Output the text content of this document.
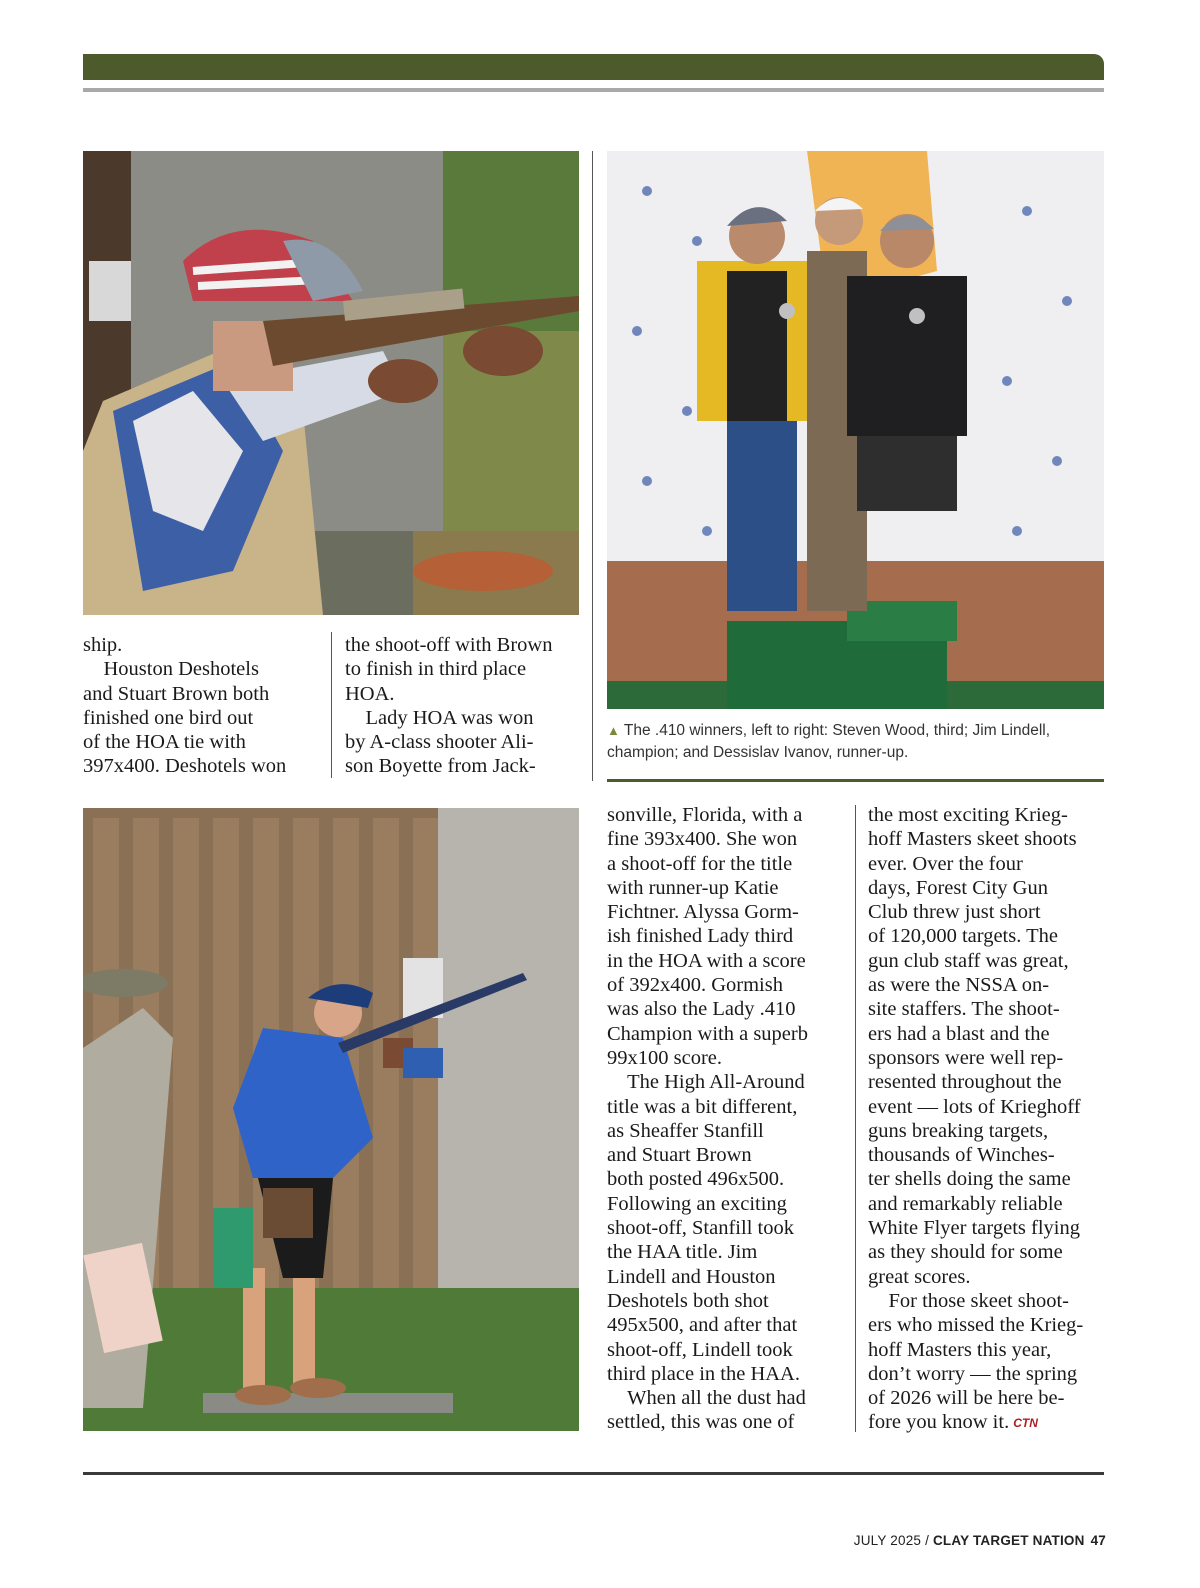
ship.
Houston Deshotels
and Stuart Brown both
finished one bird out
of the HOA tie with
397x400. Deshotels won
the shoot-off with Brown
to finish in third place
HOA.
Lady HOA was won
by A-class shooter Ali-
son Boyette from Jack-
sonville, Florida, with a
fine 393x400. She won
a shoot-off for the title
with runner-up Katie
Fichtner. Alyssa Gorm-
ish finished Lady third
in the HOA with a score
of 392x400. Gormish
was also the Lady .410
Champion with a superb
99x100 score.
The High All-Around
title was a bit different,
as Sheaffer Stanfill
and Stuart Brown
both posted 496x500.
Following an exciting
shoot-off, Stanfill took
the HAA title. Jim
Lindell and Houston
Deshotels both shot
495x500, and after that
shoot-off, Lindell took
third place in the HAA.
When all the dust had
settled, this was one of
the most exciting Krieg-
hoff Masters skeet shoots
ever. Over the four
days, Forest City Gun
Club threw just short
of 120,000 targets. The
gun club staff was great,
as were the NSSA on-
site staffers. The shoot-
ers had a blast and the
sponsors were well rep-
resented throughout the
event — lots of Krieghoff
guns breaking targets,
thousands of Winches-
ter shells doing the same
and remarkably reliable
White Flyer targets flying
as they should for some
great scores.
For those skeet shoot-
ers who missed the Krieg-
hoff Masters this year,
don’t worry — the spring
of 2026 will be here be-
fore you know it. CTN
▲ The .410 winners, left to right: Steven Wood, third; Jim Lindell,
champion; and Dessislav Ivanov, runner-up.
JULY 2025 / CLAY TARGET NATION 47
